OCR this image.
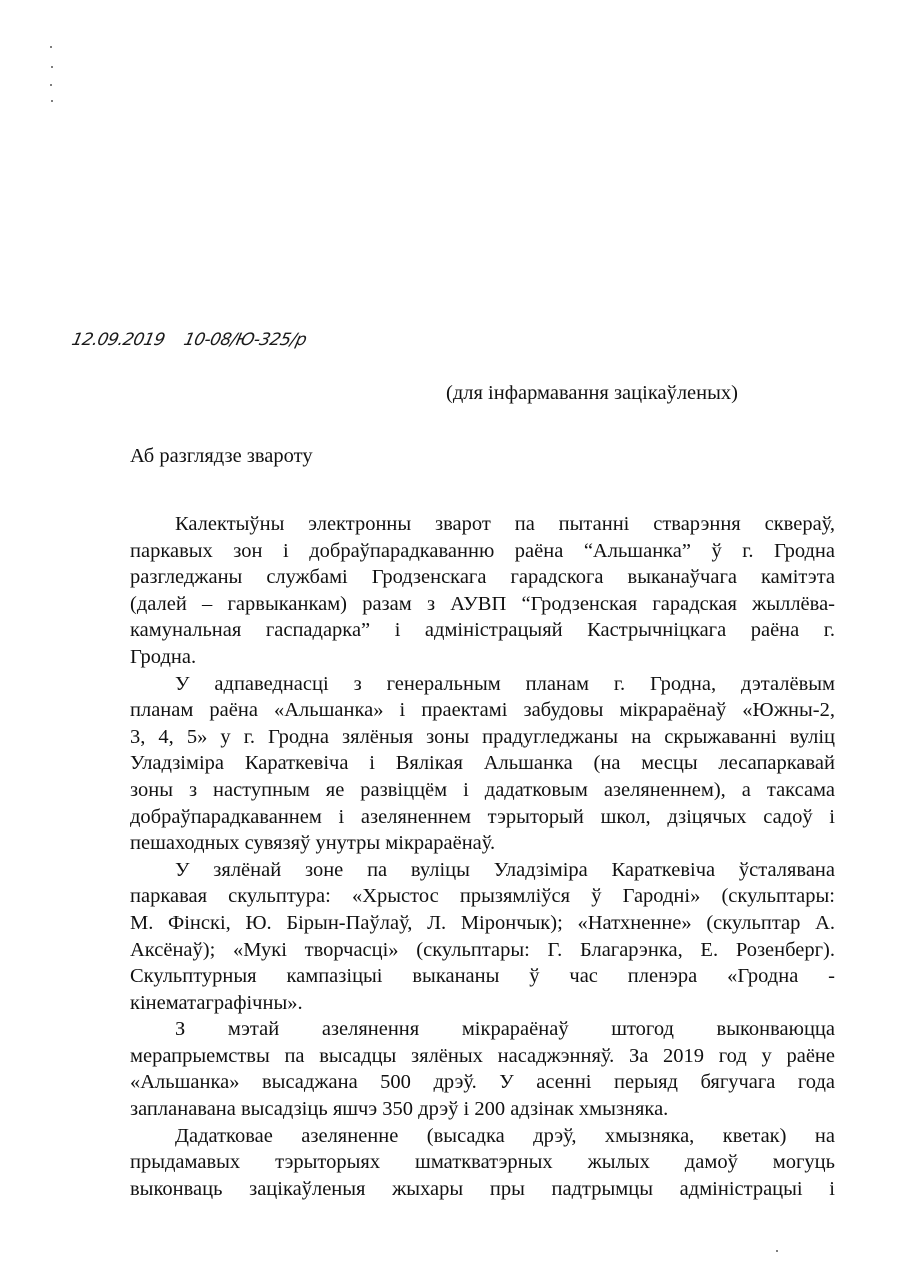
12.09.2019 10-08/Ю-325/р
(для інфармавання зацікаўленых)
Аб разглядзе звароту
Калектыўны электронны зварот па пытанні стварэння сквераў,
паркавых зон і добраўпарадкаванню раёна “Альшанка” ў г. Гродна
разгледжаны службамі Гродзенскага гарадскога выканаўчага камітэта
(далей – гарвыканкам) разам з АУВП “Гродзенская гарадская жыллёва-
камунальная гаспадарка” і адміністрацыяй Кастрычніцкага раёна г.
Гродна.
У адпаведнасці з генеральным планам г. Гродна, дэталёвым
планам раёна «Альшанка» і праектамі забудовы мікрараёнаў «Южны-2,
3, 4, 5» у г. Гродна зялёныя зоны прадугледжаны на скрыжаванні вуліц
Уладзіміра Караткевіча і Вялікая Альшанка (на месцы лесапаркавай
зоны з наступным яе развіццём і дадатковым азеляненнем), а таксама
добраўпарадкаваннем і азеляненнем тэрыторый школ, дзіцячых садоў і
пешаходных сувязяў унутры мікрараёнаў.
У зялёнай зоне па вуліцы Уладзіміра Караткевіча ўсталявана
паркавая скульптура: «Хрыстос прызямліўся ў Гародні» (скульптары:
М. Фінскі, Ю. Бірын-Паўлаў, Л. Мірончык); «Натхненне» (скульптар А.
Аксёнаў); «Мукі творчасці» (скульптары: Г. Благарэнка, Е. Розенберг).
Скульптурныя кампазіцыі выкананы ў час пленэра «Гродна -
кінематаграфічны».
З мэтай азелянення мікрараёнаў штогод выконваюцца
мерапрыемствы па высадцы зялёных насаджэнняў. За 2019 год у раёне
«Альшанка» высаджана 500 дрэў. У асенні перыяд бягучага года
запланавана высадзіць яшчэ 350 дрэў і 200 адзінак хмызняка.
Дадатковае азеляненне (высадка дрэў, хмызняка, кветак) на
прыдамавых тэрыторыях шматкватэрных жылых дамоў могуць
выконваць зацікаўленыя жыхары пры падтрымцы адміністрацыі і
